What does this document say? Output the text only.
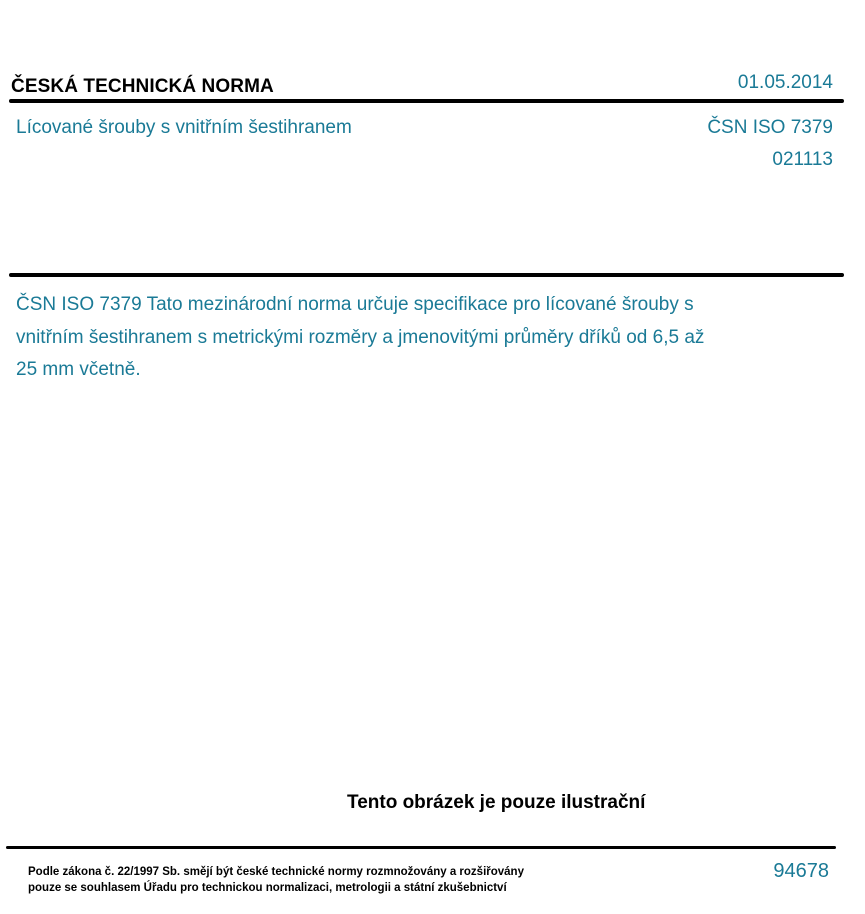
ČESKÁ TECHNICKÁ NORMA	01.05.2014
Lícované šrouby s vnitřním šestihranem	ČSN ISO 7379
021113
ČSN ISO 7379 Tato mezinárodní norma určuje specifikace pro lícované šrouby s vnitřním šestihranem s metrickými rozměry a jmenovitými průměry dříků od 6,5 až 25 mm včetně.
Tento obrázek je pouze ilustrační
Podle zákona č. 22/1997 Sb. smějí být české technické normy rozmnožovány a rozšiřovány
pouze se souhlasem Úřadu pro technickou normalizaci, metrologii a státní zkušebnictví
94678
